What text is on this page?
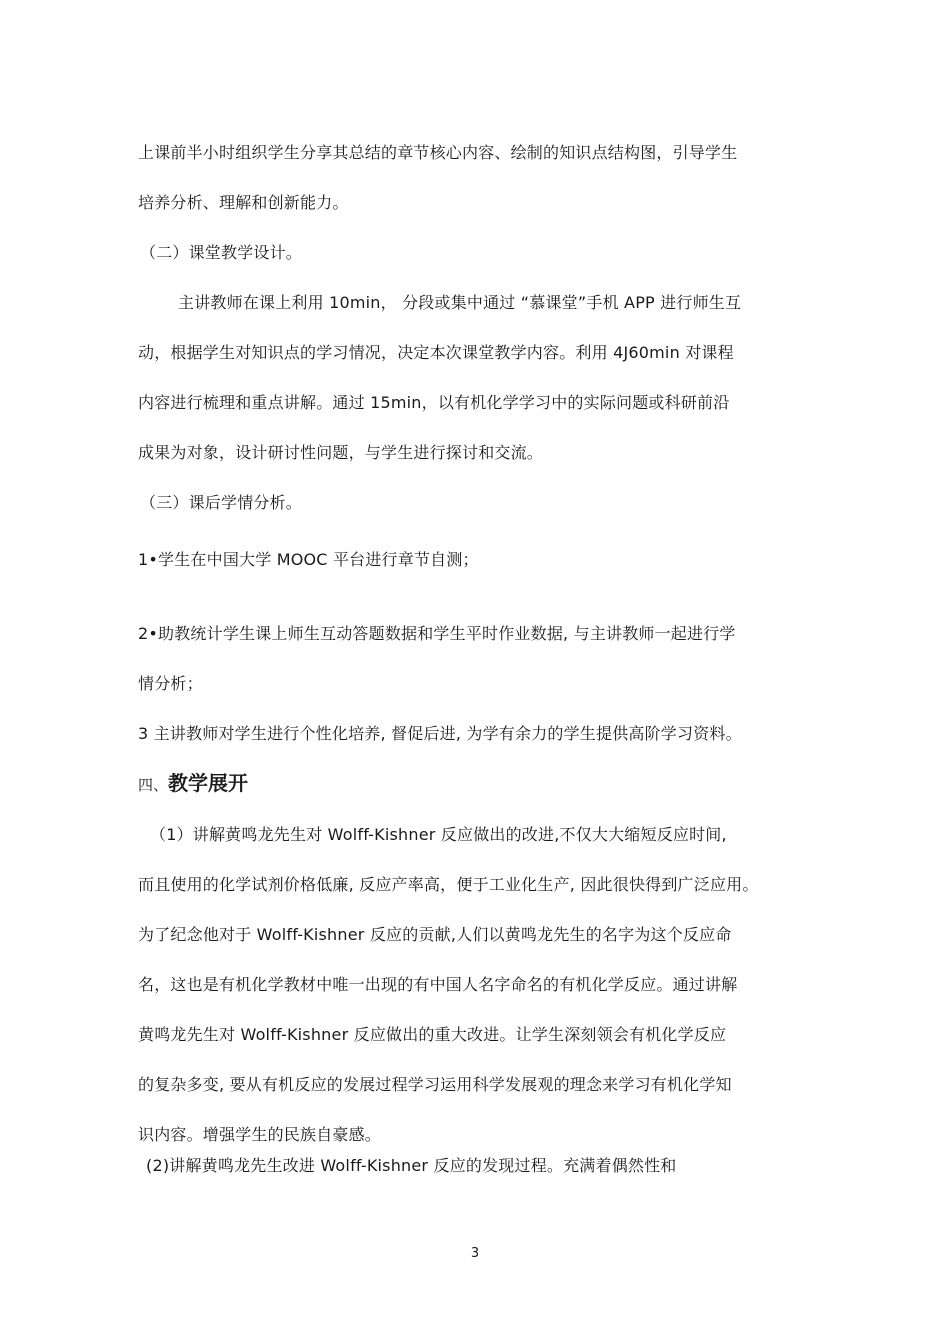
上课前半小时组织学生分享其总结的章节核心内容、绘制的知识点结构图，引导学生
培养分析、理解和创新能力。
（二）课堂教学设计。
主讲教师在课上利用 10min， 分段或集中通过 “慕课堂”手机 APP 进行师生互
动，根据学生对知识点的学习情况，决定本次课堂教学内容。利用 4J60min 对课程
内容进行梳理和重点讲解。通过 15min，以有机化学学习中的实际问题或科研前沿
成果为对象，设计研讨性问题，与学生进行探讨和交流。
（三）课后学情分析。
1•学生在中国大学 MOOC 平台进行章节自测；
2•助教统计学生课上师生互动答题数据和学生平时作业数据, 与主讲教师一起进行学
情分析；
3 主讲教师对学生进行个性化培养, 督促后进, 为学有余力的学生提供高阶学习资料。
四、教学展开
（1）讲解黄鸣龙先生对 Wolff-Kishner 反应做出的改进,不仅大大缩短反应时间,
而且使用的化学试剂价格低廉, 反应产率高，便于工业化生产, 因此很快得到广泛应用。
为了纪念他对于 Wolff-Kishner 反应的贡献,人们以黄鸣龙先生的名字为这个反应命
名，这也是有机化学教材中唯一出现的有中国人名字命名的有机化学反应。通过讲解
黄鸣龙先生对 Wolff-Kishner 反应做出的重大改进。让学生深刻领会有机化学反应
的复杂多变, 要从有机反应的发展过程学习运用科学发展观的理念来学习有机化学知
识内容。增强学生的民族自豪感。
(2)讲解黄鸣龙先生改进 Wolff-Kishner 反应的发现过程。充满着偶然性和
3
